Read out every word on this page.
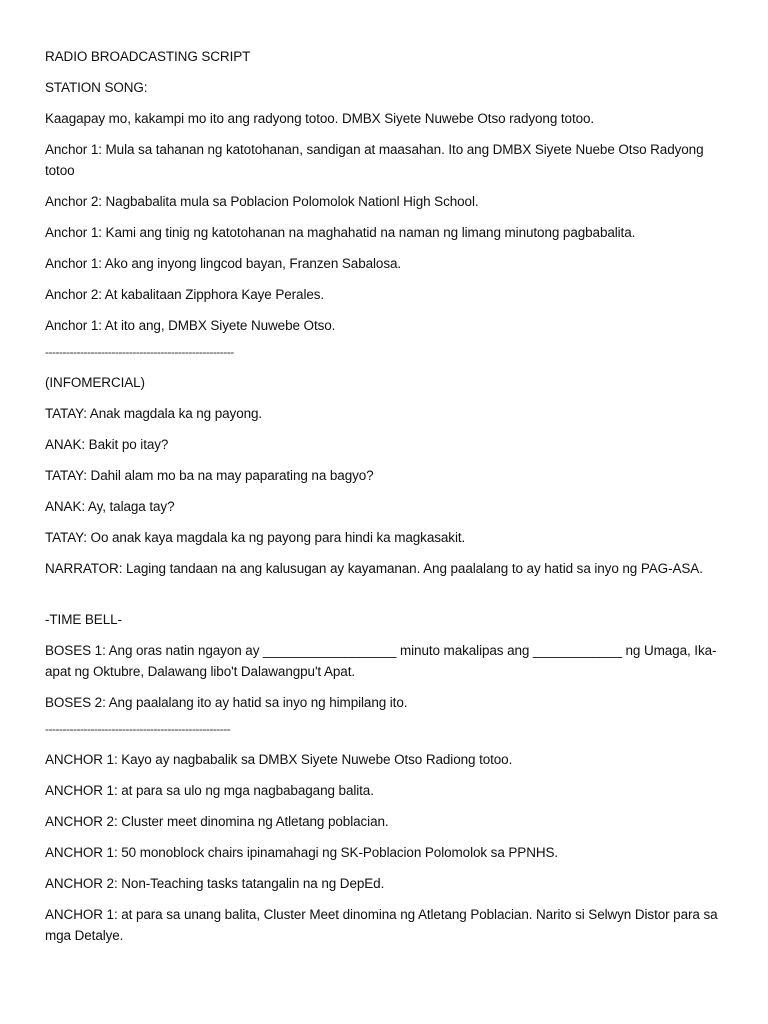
RADIO BROADCASTING SCRIPT

STATION SONG:

Kaagapay mo, kakampi mo ito ang radyong totoo. DMBX Siyete Nuwebe Otso radyong totoo.

Anchor 1: Mula sa tahanan ng katotohanan, sandigan at maasahan. Ito ang DMBX Siyete Nuebe Otso Radyong totoo

Anchor 2: Nagbabalita mula sa Poblacion Polomolok Nationl High School.

Anchor 1: Kami ang tinig ng katotohanan na maghahatid na naman ng limang minutong pagbabalita.

Anchor 1: Ako ang inyong lingcod bayan, Franzen Sabalosa.

Anchor 2: At kabalitaan Zipphora Kaye Perales.

Anchor 1: At ito ang, DMBX Siyete Nuwebe Otso.

------------------------------------------------------

(INFOMERCIAL)

TATAY: Anak magdala ka ng payong.

ANAK: Bakit po itay?

TATAY: Dahil alam mo ba na may paparating na bagyo?

ANAK: Ay, talaga tay?

TATAY: Oo anak kaya magdala ka ng payong para hindi ka magkasakit.

NARRATOR: Laging tandaan na ang kalusugan ay kayamanan. Ang paalalang to ay hatid sa inyo ng PAG-ASA.

-TIME BELL-

BOSES 1: Ang oras natin ngayon ay __________________ minuto makalipas ang ____________ ng Umaga, Ika-apat ng Oktubre, Dalawang libo't Dalawangpu't Apat.

BOSES 2: Ang paalalang ito ay hatid sa inyo ng himpilang ito.

-----------------------------------------------------

ANCHOR 1: Kayo ay nagbabalik sa DMBX Siyete Nuwebe Otso Radiong totoo.

ANCHOR 1: at para sa ulo ng mga nagbabagang balita.

ANCHOR 2: Cluster meet dinomina ng Atletang poblacian.

ANCHOR 1: 50 monoblock chairs ipinamahagi ng SK-Poblacion Polomolok sa PPNHS.

ANCHOR 2: Non-Teaching tasks tatangalin na ng DepEd.

ANCHOR 1: at para sa unang balita, Cluster Meet dinomina ng Atletang Poblacian. Narito si Selwyn Distor para sa mga Detalye.
